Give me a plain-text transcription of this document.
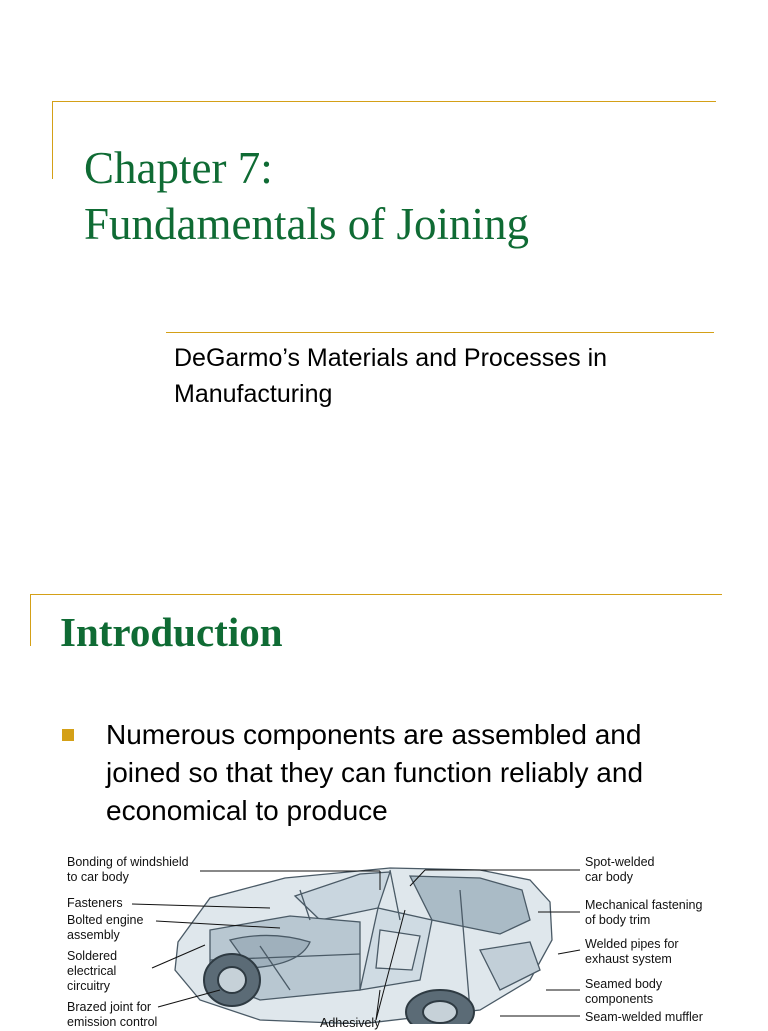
Chapter 7:
Fundamentals of Joining

DeGarmo’s Materials and Processes in
Manufacturing

Introduction

Numerous components are assembled and
joined so that they can function reliably and
economical to produce

Bonding of windshield
to car body

Fasteners

Bolted engine
assembly

Soldered
electrical
circuitry

Brazed joint for
emission control	Adhesively

Spot-welded
car body

Mechanical fastening
of body trim

Welded pipes for
exhaust system

Seamed body
components

Seam-welded muffler
